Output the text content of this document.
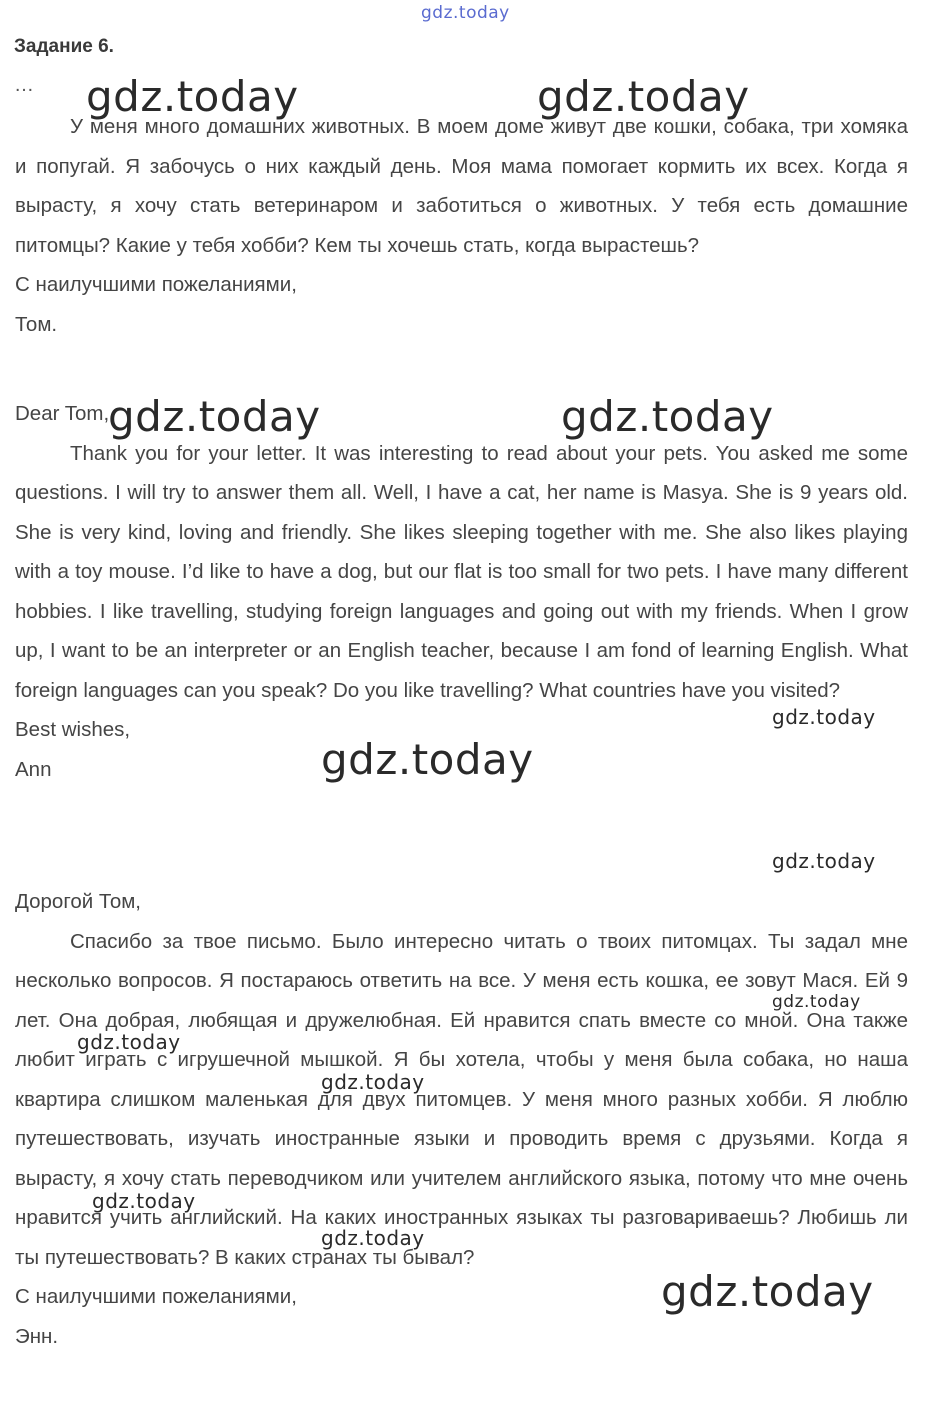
gdz.today
Задание 6.
…

У меня много домашних животных. В моем доме живут две кошки, собака, три хомяка и попугай. Я забочусь о них каждый день. Моя мама помогает кормить их всех. Когда я вырасту, я хочу стать ветеринаром и заботиться о животных. У тебя есть домашние питомцы? Какие у тебя хобби? Кем ты хочешь стать, когда вырастешь?

С наилучшими пожеланиями,

Том.

Dear Tom,

Thank you for your letter. It was interesting to read about your pets. You asked me some questions. I will try to answer them all. Well, I have a cat, her name is Masya. She is 9 years old. She is very kind, loving and friendly. She likes sleeping together with me. She also likes playing with a toy mouse. I’d like to have a dog, but our flat is too small for two pets. I have many different hobbies. I like travelling, studying foreign languages and going out with my friends. When I grow up, I want to be an interpreter or an English teacher, because I am fond of learning English. What foreign languages can you speak? Do you like travelling? What countries have you visited?

Best wishes,

Ann

Дорогой Том,

Спасибо за твое письмо. Было интересно читать о твоих питомцах. Ты задал мне несколько вопросов. Я постараюсь ответить на все. У меня есть кошка, ее зовут Мася. Ей 9 лет. Она добрая, любящая и дружелюбная. Ей нравится спать вместе со мной. Она также любит играть с игрушечной мышкой. Я бы хотела, чтобы у меня была собака, но наша квартира слишком маленькая для двух питомцев. У меня много разных хобби. Я люблю путешествовать, изучать иностранные языки и проводить время с друзьями. Когда я вырасту, я хочу стать переводчиком или учителем английского языка, потому что мне очень нравится учить английский. На каких иностранных языках ты разговариваешь? Любишь ли ты путешествовать? В каких странах ты бывал?

С наилучшими пожеланиями,

Энн.

gdz.today	gdz.today
gdz.today	gdz.today
gdz.today
gdz.today
gdz.today
gdz.today
gdz.today
gdz.today
gdz.today
gdz.today
gdz.today
